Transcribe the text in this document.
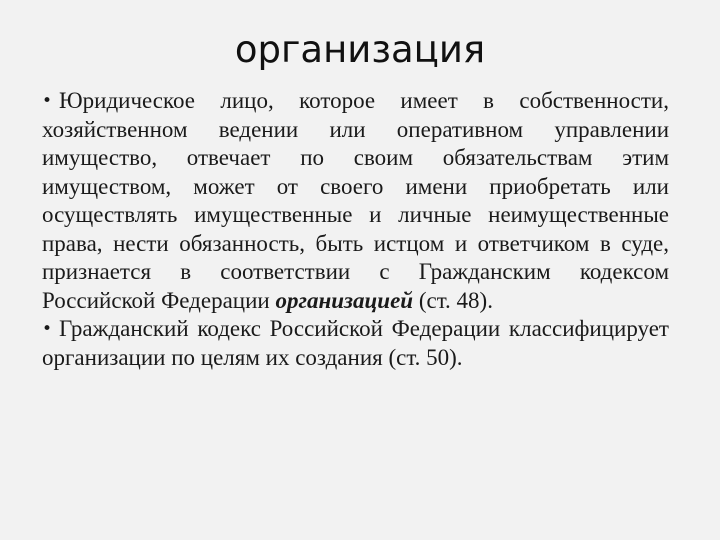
организация

• Юридическое лицо, которое имеет в собственности, хозяйственном ведении или оперативном управлении имущество, отвечает по своим обязательствам этим имуществом, может от своего имени приобретать или осуществлять имущественные и личные неимущественные права, нести обязанность, быть истцом и ответчиком в суде, признается в соответствии с Гражданским кодексом Российской Федерации организацией (ст. 48).

• Гражданский кодекс Российской Федерации классифицирует организации по целям их создания (ст. 50).
